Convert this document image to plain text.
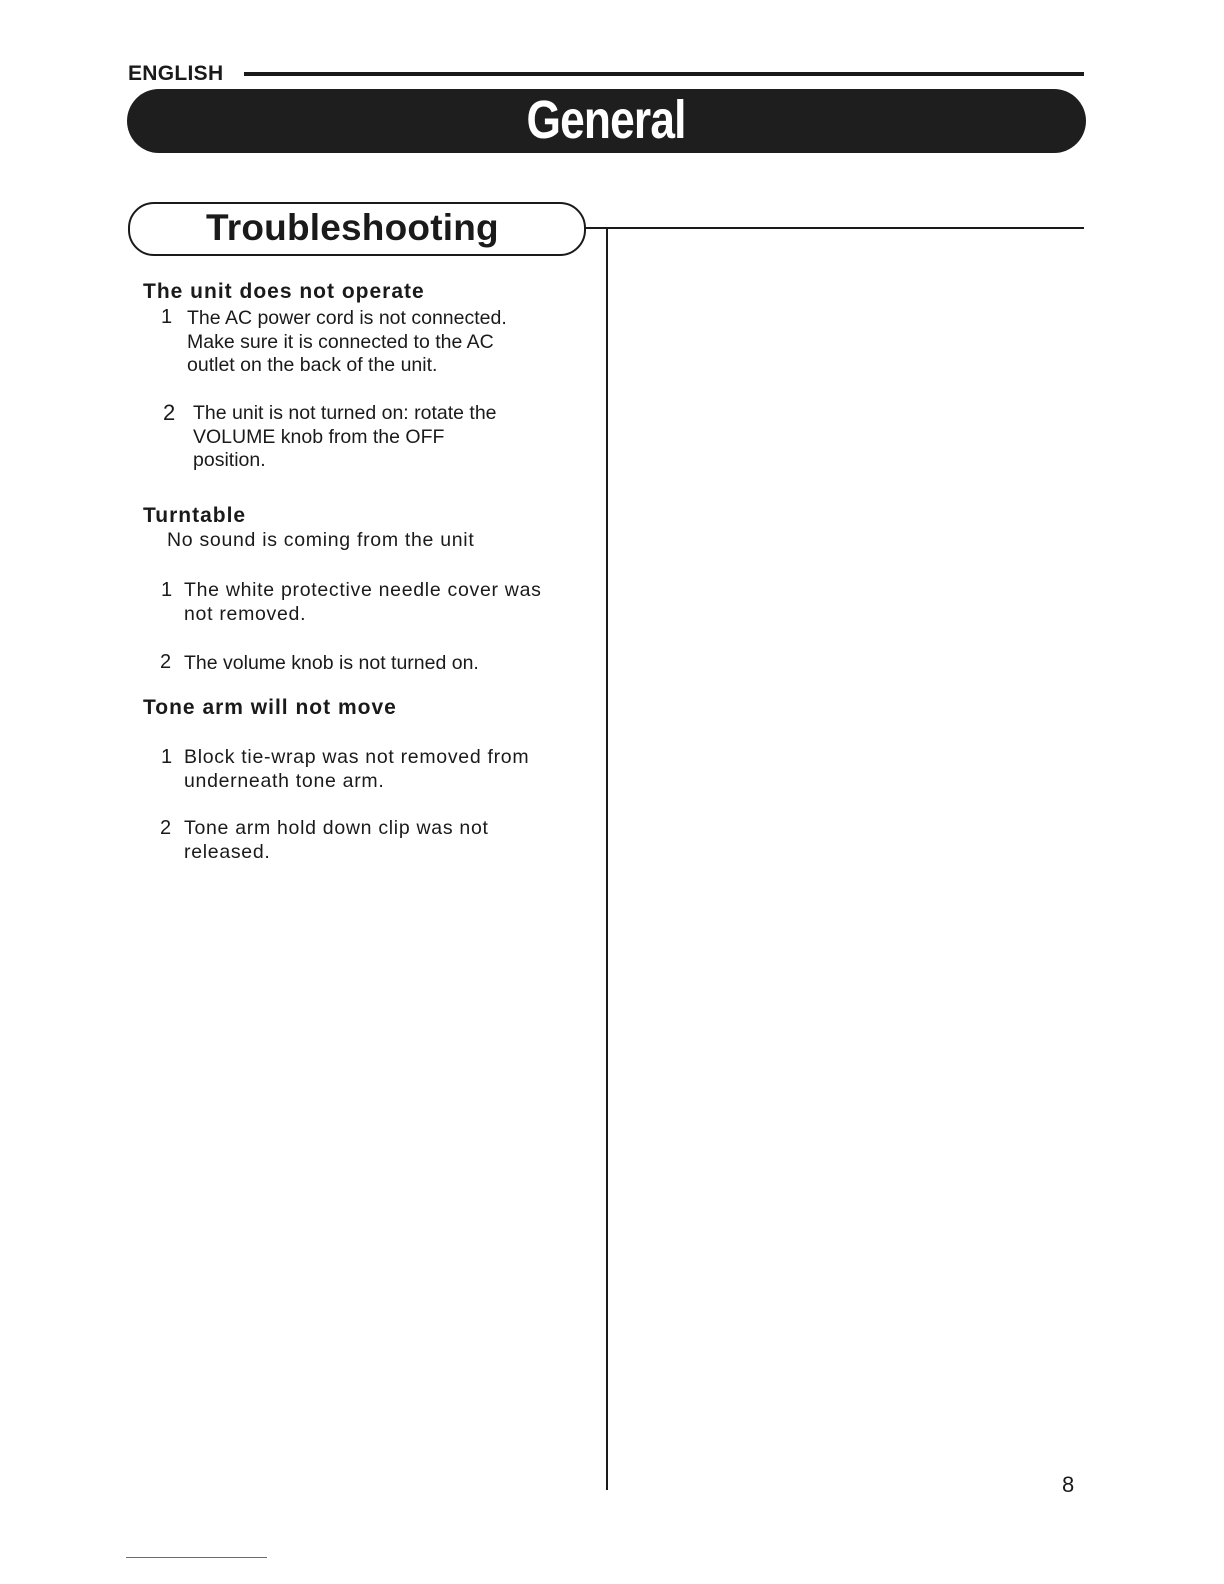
ENGLISH
General
Troubleshooting
The unit does not operate
1 The AC power cord is not connected.
Make sure it is connected to the AC
outlet on the back of the unit.
2 The unit is not turned on: rotate the
VOLUME knob from the OFF
position.
Turntable
No sound is coming from the unit
1 The white protective needle cover was
not removed.
2 The volume knob is not turned on.
Tone arm will not move
1 Block tie-wrap was not removed from
underneath tone arm.
2 Tone arm hold down clip was not
released.
8
